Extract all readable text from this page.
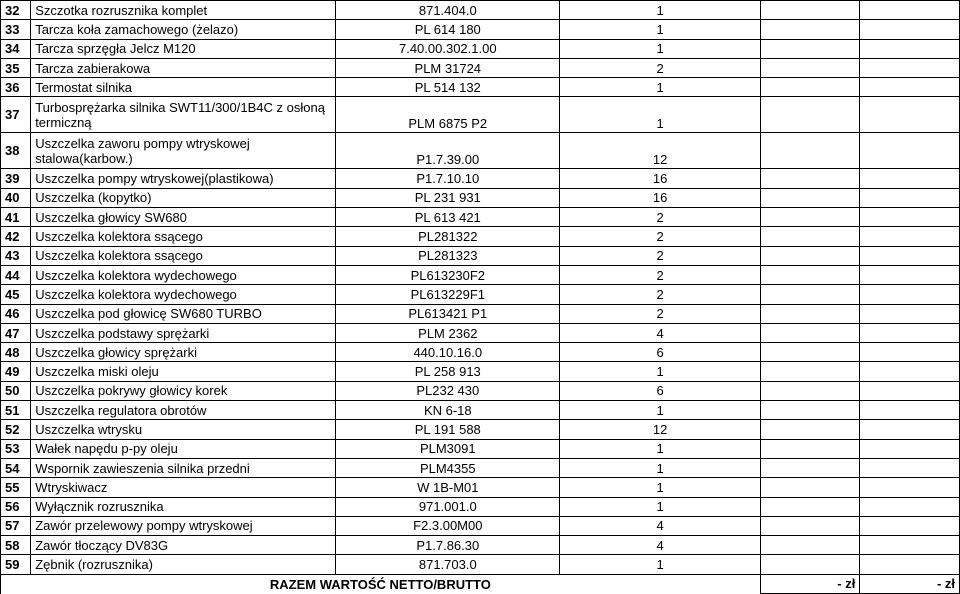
32	Szczotka rozrusznika komplet	871.404.0	1		
33	Tarcza koła zamachowego (żelazo)	PL 614 180	1		
34	Tarcza sprzęgła Jelcz M120	7.40.00.302.1.00	1		
35	Tarcza zabierakowa	PLM 31724	2		
36	Termostat silnika	PL 514 132	1		
37	Turbosprężarka silnika SWT11/300/1B4C z osłoną termiczną	PLM 6875 P2	1		
38	Uszczelka zaworu pompy wtryskowej stalowa(karbow.)	P1.7.39.00	12		
39	Uszczelka pompy wtryskowej(plastikowa)	P1.7.10.10	16		
40	Uszczelka (kopytko)	PL 231 931	16		
41	Uszczelka głowicy SW680	PL 613 421	2		
42	Uszczelka kolektora ssącego	PL281322	2		
43	Uszczelka kolektora ssącego	PL281323	2		
44	Uszczelka kolektora wydechowego	PL613230F2	2		
45	Uszczelka kolektora wydechowego	PL613229F1	2		
46	Uszczelka pod głowicę SW680 TURBO	PL613421 P1	2		
47	Uszczelka podstawy sprężarki	PLM 2362	4		
48	Uszczelka głowicy sprężarki	440.10.16.0	6		
49	Uszczelka miski oleju	PL 258 913	1		
50	Uszczelka pokrywy głowicy korek	PL232 430	6		
51	Uszczelka regulatora obrotów	KN 6-18	1		
52	Uszczelka wtrysku	PL 191 588	12		
53	Wałek napędu p-py oleju	PLM3091	1		
54	Wspornik zawieszenia silnika przedni	PLM4355	1		
55	Wtryskiwacz	W 1B-M01	1		
56	Wyłącznik rozrusznika	971.001.0	1		
57	Zawór przelewowy pompy wtryskowej	F2.3.00M00	4		
58	Zawór tłoczący DV83G	P1.7.86.30	4		
59	Zębnik (rozrusznika)	871.703.0	1		
RAZEM WARTOŚĆ NETTO/BRUTTO				- zł	- zł
